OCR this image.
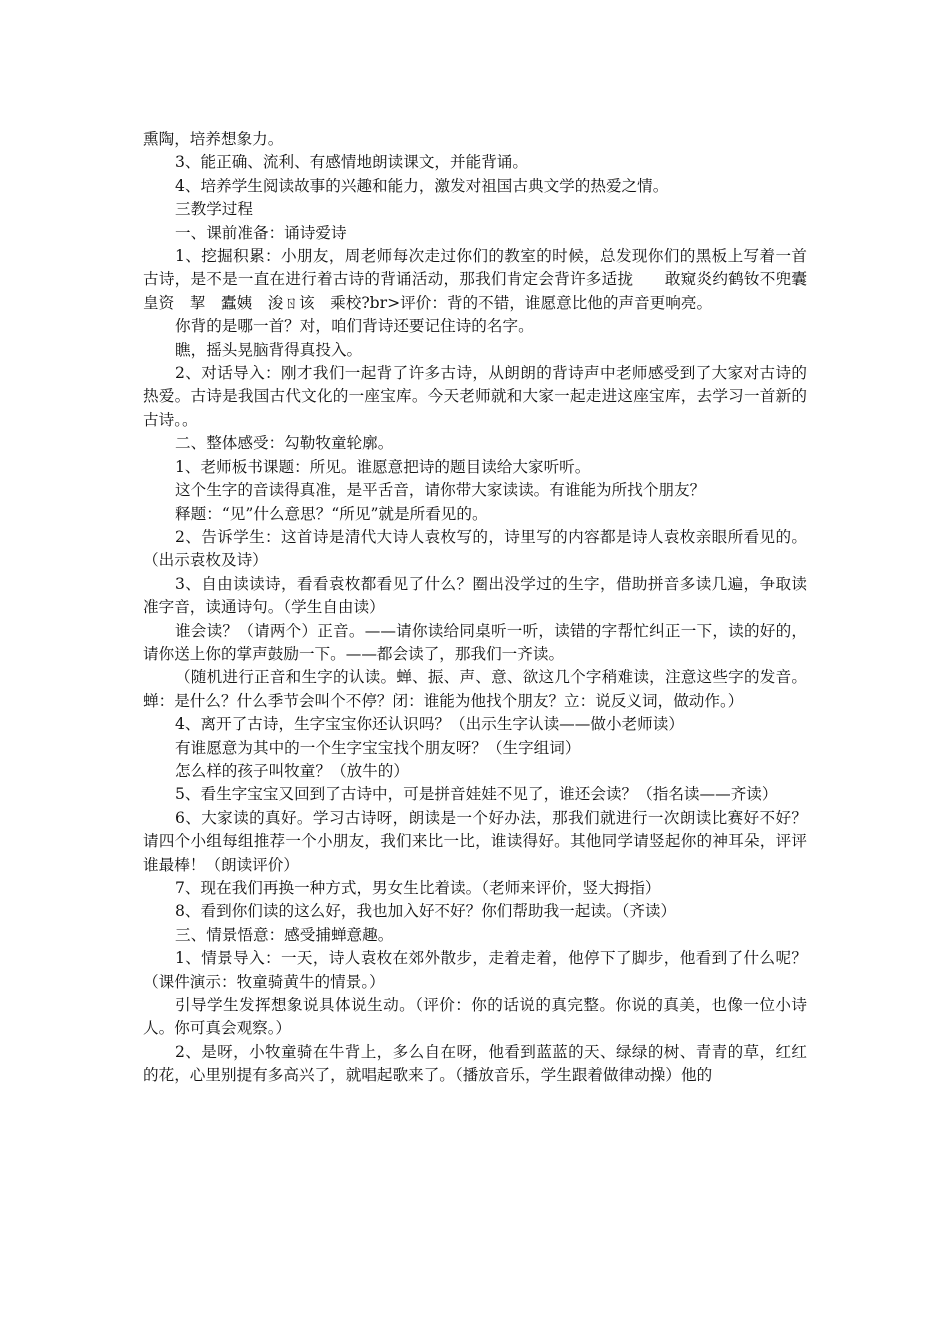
熏陶，培养想象力。

3、能正确、流利、有感情地朗读课文，并能背诵。

4、培养学生阅读故事的兴趣和能力，激发对祖国古典文学的热爱之情。

三教学过程

一、课前准备：诵诗爱诗

1、挖掘积累：小朋友，周老师每次走过你们的教室的时候，总发现你们的黑板上写着一首古诗，是不是一直在进行着古诗的背诵活动，那我们肯定会背许多适拢　　敢窥炎约鹤钕不兜囊皇资　挈　蠹姨　浚ㄖ该　乘校?br>评价：背的不错，谁愿意比他的声音更响亮。

你背的是哪一首？对，咱们背诗还要记住诗的名字。

瞧，摇头晃脑背得真投入。

2、对话导入：刚才我们一起背了许多古诗，从朗朗的背诗声中老师感受到了大家对古诗的热爱。古诗是我国古代文化的一座宝库。今天老师就和大家一起走进这座宝库，去学习一首新的古诗。。

二、整体感受：勾勒牧童轮廓。

1、老师板书课题：所见。谁愿意把诗的题目读给大家听听。

这个生字的音读得真准，是平舌音，请你带大家读读。有谁能为所找个朋友？

释题：“见”什么意思？“所见”就是所看见的。

2、告诉学生：这首诗是清代大诗人袁枚写的，诗里写的内容都是诗人袁枚亲眼所看见的。（出示袁枚及诗）

3、自由读读诗，看看袁枚都看见了什么？圈出没学过的生字，借助拼音多读几遍，争取读准字音，读通诗句。（学生自由读）

谁会读？（请两个）正音。——请你读给同桌听一听，读错的字帮忙纠正一下，读的好的，请你送上你的掌声鼓励一下。——都会读了，那我们一齐读。

（随机进行正音和生字的认读。蝉、振、声、意、欲这几个字稍难读，注意这些字的发音。蝉：是什么？什么季节会叫个不停？闭：谁能为他找个朋友？立：说反义词，做动作。）

4、离开了古诗，生字宝宝你还认识吗？（出示生字认读——做小老师读）

有谁愿意为其中的一个生字宝宝找个朋友呀？（生字组词）

怎么样的孩子叫牧童？（放牛的）

5、看生字宝宝又回到了古诗中，可是拼音娃娃不见了，谁还会读？（指名读——齐读）

6、大家读的真好。学习古诗呀，朗读是一个好办法，那我们就进行一次朗读比赛好不好？请四个小组每组推荐一个小朋友，我们来比一比，谁读得好。其他同学请竖起你的神耳朵，评评谁最棒！（朗读评价）

7、现在我们再换一种方式，男女生比着读。（老师来评价，竖大拇指）

8、看到你们读的这么好，我也加入好不好？你们帮助我一起读。（齐读）

三、情景悟意：感受捕蝉意趣。

1、情景导入：一天，诗人袁枚在郊外散步，走着走着，他停下了脚步，他看到了什么呢？（课件演示：牧童骑黄牛的情景。）

引导学生发挥想象说具体说生动。（评价：你的话说的真完整。你说的真美，也像一位小诗人。你可真会观察。）

2、是呀，小牧童骑在牛背上，多么自在呀，他看到蓝蓝的天、绿绿的树、青青的草，红红的花，心里别提有多高兴了，就唱起歌来了。（播放音乐，学生跟着做律动操）他的
